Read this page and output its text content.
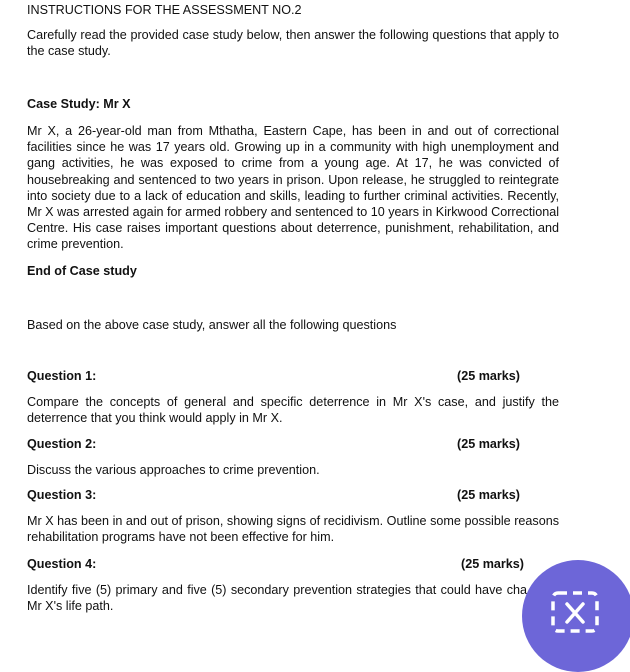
INSTRUCTIONS FOR THE ASSESSMENT NO.2

Carefully read the provided case study below, then answer the following questions that apply to the case study.

Case Study: Mr X

Mr X, a 26-year-old man from Mthatha, Eastern Cape, has been in and out of correctional facilities since he was 17 years old. Growing up in a community with high unemployment and gang activities, he was exposed to crime from a young age. At 17, he was convicted of housebreaking and sentenced to two years in prison. Upon release, he struggled to reintegrate into society due to a lack of education and skills, leading to further criminal activities. Recently, Mr X was arrested again for armed robbery and sentenced to 10 years in Kirkwood Correctional Centre. His case raises important questions about deterrence, punishment, rehabilitation, and crime prevention.

End of Case study

Based on the above case study, answer all the following questions

Question 1:	(25 marks)

Compare the concepts of general and specific deterrence in Mr X's case, and justify the deterrence that you think would apply in Mr X.

Question 2:	(25 marks)

Discuss the various approaches to crime prevention.

Question 3:	(25 marks)

Mr X has been in and out of prison, showing signs of recidivism. Outline some possible reasons rehabilitation programs have not been effective for him.

Question 4:	(25 marks)

Identify five (5) primary and five (5) secondary prevention strategies that could have cha Mr X's life path.
